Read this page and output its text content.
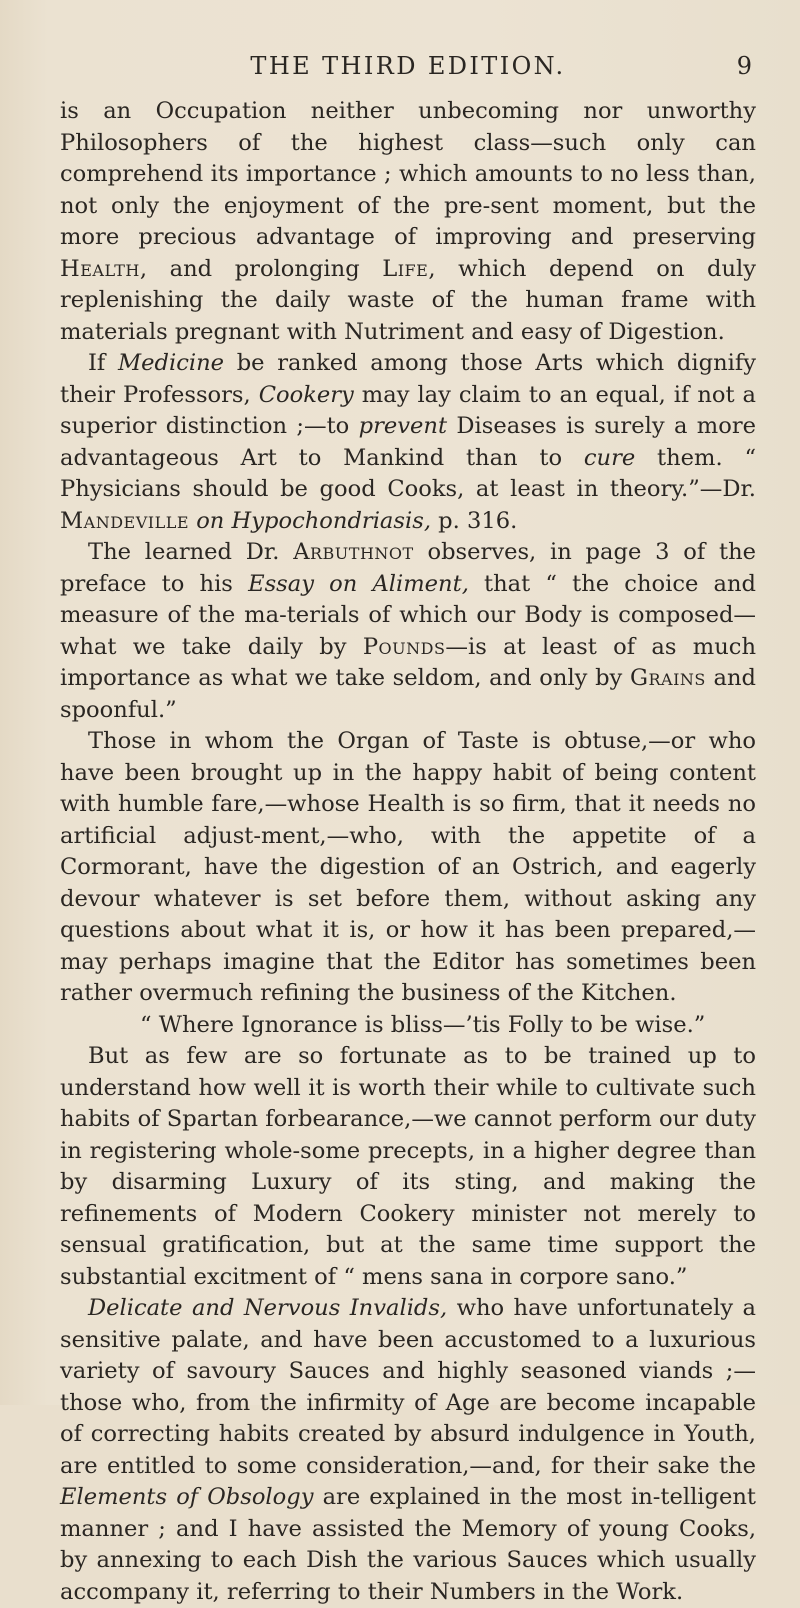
THE THIRD EDITION.	9

is an Occupation neither unbecoming nor unworthy Philosophers of the highest class—such only can comprehend its importance ; which amounts to no less than, not only the enjoyment of the pre-sent moment, but the more precious advantage of improving and preserving Health, and prolonging Life, which depend on duly replenishing the daily waste of the human frame with materials pregnant with Nutriment and easy of Digestion.

If Medicine be ranked among those Arts which dignify their Professors, Cookery may lay claim to an equal, if not a superior distinction ;—to prevent Diseases is surely a more advantageous Art to Mankind than to cure them. “ Physicians should be good Cooks, at least in theory.”—Dr. Mandeville on Hypochondriasis, p. 316.

The learned Dr. Arbuthnot observes, in page 3 of the preface to his Essay on Aliment, that “ the choice and measure of the ma-terials of which our Body is composed—what we take daily by Pounds—is at least of as much importance as what we take seldom, and only by Grains and spoonful.”

Those in whom the Organ of Taste is obtuse,—or who have been brought up in the happy habit of being content with humble fare,—whose Health is so firm, that it needs no artificial adjust-ment,—who, with the appetite of a Cormorant, have the digestion of an Ostrich, and eagerly devour whatever is set before them, without asking any questions about what it is, or how it has been prepared,—may perhaps imagine that the Editor has sometimes been rather overmuch refining the business of the Kitchen.

“ Where Ignorance is bliss—’tis Folly to be wise.”

But as few are so fortunate as to be trained up to understand how well it is worth their while to cultivate such habits of Spartan forbearance,—we cannot perform our duty in registering whole-some precepts, in a higher degree than by disarming Luxury of its sting, and making the refinements of Modern Cookery minister not merely to sensual gratification, but at the same time support the substantial excitment of “ mens sana in corpore sano.”

Delicate and Nervous Invalids, who have unfortunately a sensitive palate, and have been accustomed to a luxurious variety of savoury Sauces and highly seasoned viands ;—those who, from the infirmity of Age are become incapable of correcting habits created by absurd indulgence in Youth, are entitled to some consideration,—and, for their sake the Elements of Obsology are explained in the most in-telligent manner ; and I have assisted the Memory of young Cooks, by annexing to each Dish the various Sauces which usually accompany it, referring to their Numbers in the Work.
